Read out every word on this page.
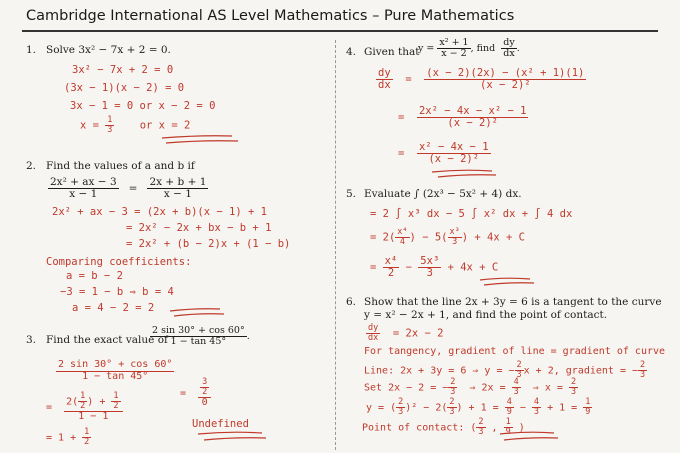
Cambridge International AS Level Mathematics – Pure Mathematics
1. Solve 3x² − 7x + 2 = 0.
3x² − 7x + 2 = 0
(3x − 1)(x − 2) = 0
3x − 1 = 0 or x − 2 = 0
$x = \frac{1}{3}$ or x = 2
2. Find the values of a and b if
$\frac{\text{2x² + ax − 3}}{x - 1} = \frac{2x + b + 1}{x - 1}$
2x² + ax − 3 = (2x + b)(x − 1) + 1
= 2x² − 2x + bx − b + 1
= 2x² + (b − 2)x + (1 − b)
Comparing coefficients:
a = b − 2
−3 = 1 − b ⇒ b = 4
a = 4 − 2 = 2
3. Find the exact value of
$\frac{2 \sin 30^\circ + \cos 60^\circ}{1 - \tan 45^\circ}$ .
$\frac{2 \sin 30^\circ + \cos 60^\circ}{1 - \tan 45^\circ}$
= $\frac{2( \frac{1}{2} ) + \frac{1}{2}}{1 - 1}$	= $\frac{\frac{3}{2}}{0}$
= $1 + \frac{1}{2}$
Undefined
4. Given that
$y = \frac{\text{x² + 1}}{x - 2}$ , find $\frac{dy}{dx}$ .
$\frac{dy}{dx} = \frac{\text{(x − 2)(2x) − (x² + 1)(1)}}{\text{(x − 2)²}}$
= $\frac{\text{2x² − 4x − x² − 1}}{\text{(x − 2)²}}$
= $\frac{\text{x² − 4x − 1}}{\text{(x − 2)²}}$
5. Evaluate ∫ (2x³ − 5x² + 4) dx.
= 2 ∫ x³ dx − 5 ∫ x² dx + ∫ 4 dx
= $2( \frac{\text{x⁴}}{4}$ ) − $5( \frac{\text{x³}}{3}$ ) + 4x + C
= $\frac{\text{x⁴}}{2} - \frac{\text{5x³}}{3} + 4x + C$
6. Show that the line 2x + 3y = 6 is a tangent to the curve
y = x² − 2x + 1, and find the point of contact.
$\frac{dy}{dx} = 2x - 2$
For tangency, gradient of line = gradient of curve
Line: 2x + 3y = 6 ⇒ y = − $\frac{2}{3}$ x + 2, gradient = − $\frac{2}{3}$
Set 2x − 2 = − $\frac{2}{3}$ ⇒ $2x = \frac{4}{3}$ ⇒ $x = \frac{2}{3}$
y = ( $\frac{2}{3} )^2 - 2( \frac{2}{3}$ ) + $1 = \frac{4}{9} - \frac{4}{3} + 1 = \frac{1}{9}$
Point of contact: ( $\frac{2}{3}$ , $\frac{1}{9}$ )
